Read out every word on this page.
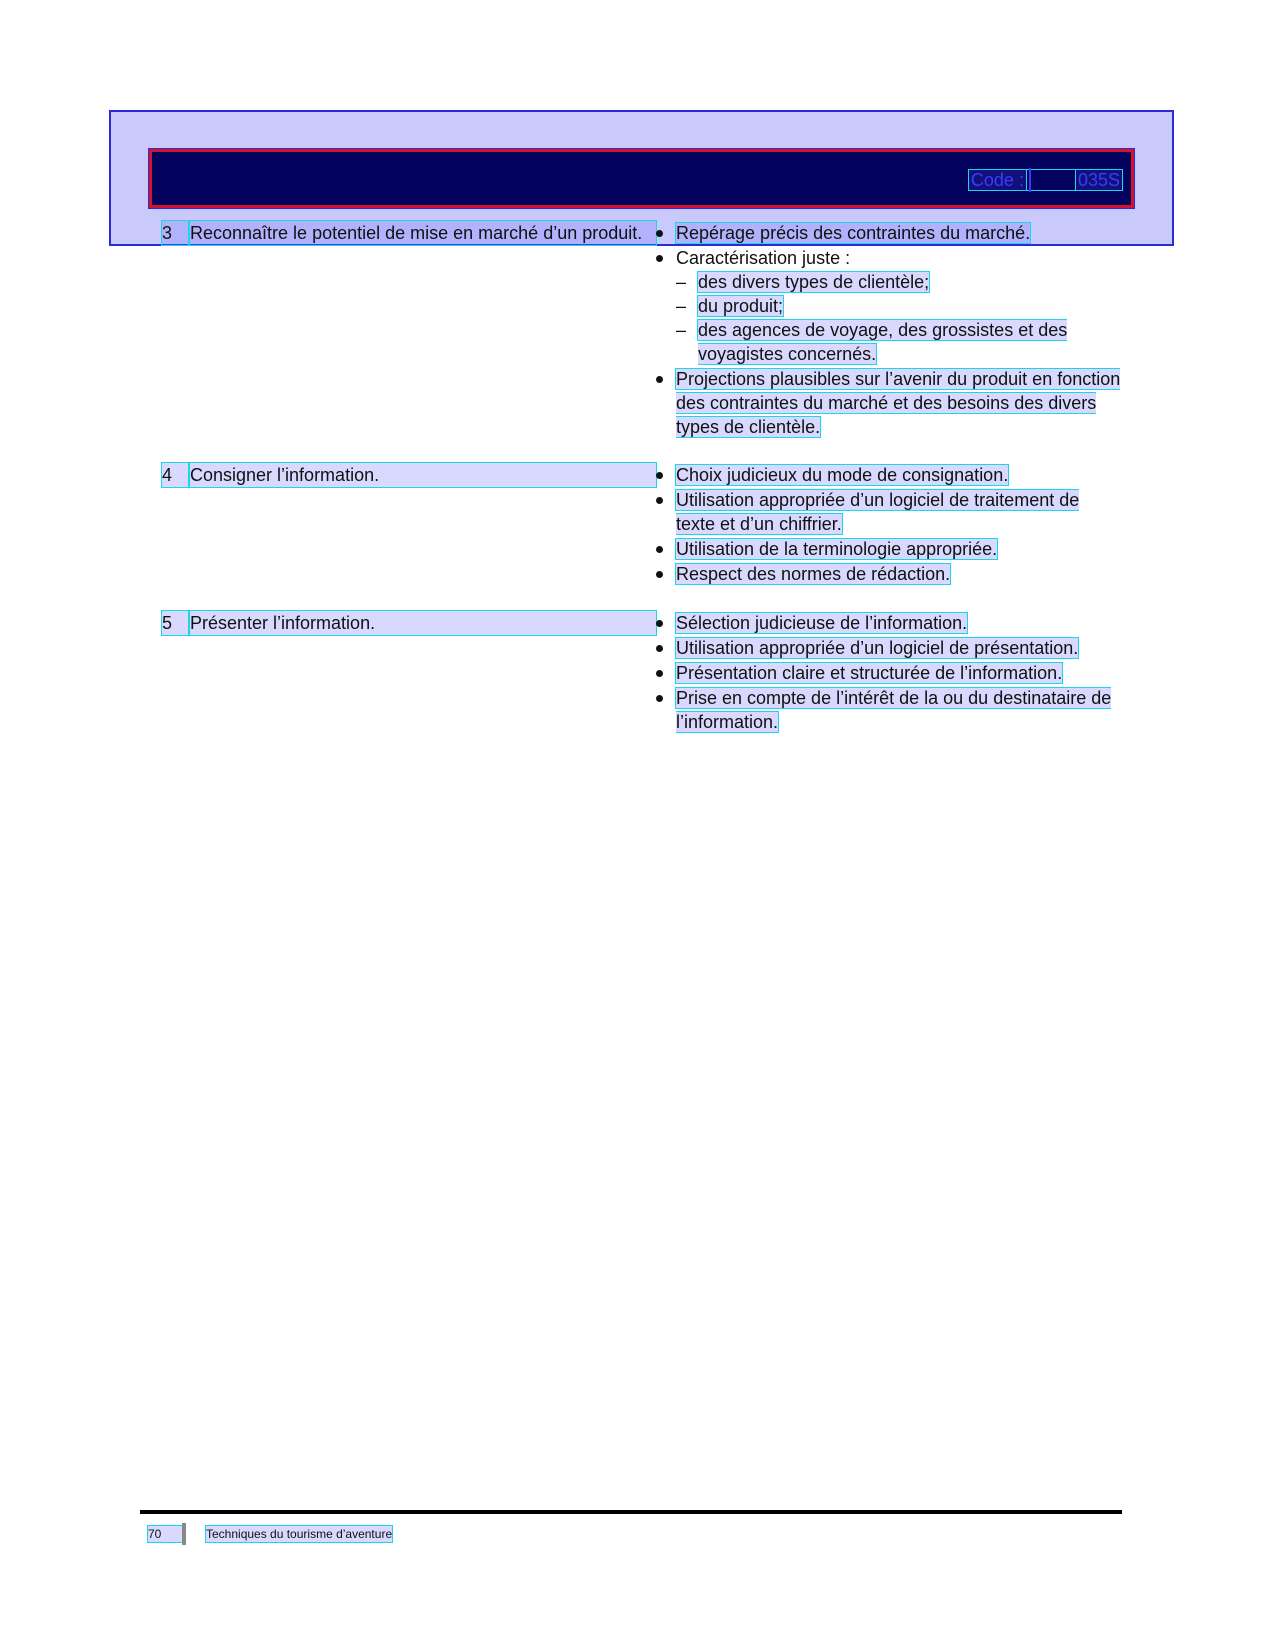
Code :	035S
3 Reconnaître le potentiel de mise en marché d’un produit.	Repérage précis des contraintes du marché.
Caractérisation juste :
– des divers types de clientèle;
– du produit;
– des agences de voyage, des grossistes et des voyagistes concernés.
Projections plausibles sur l’avenir du produit en fonction des contraintes du marché et des besoins des divers types de clientèle.
4 Consigner l’information.	Choix judicieux du mode de consignation.
Utilisation appropriée d’un logiciel de traitement de texte et d’un chiffrier.
Utilisation de la terminologie appropriée.
Respect des normes de rédaction.
5 Présenter l’information.	Sélection judicieuse de l’information.
Utilisation appropriée d’un logiciel de présentation.
Présentation claire et structurée de l’information.
Prise en compte de l’intérêt de la ou du destinataire de l’information.
70	Techniques du tourisme d’aventure
